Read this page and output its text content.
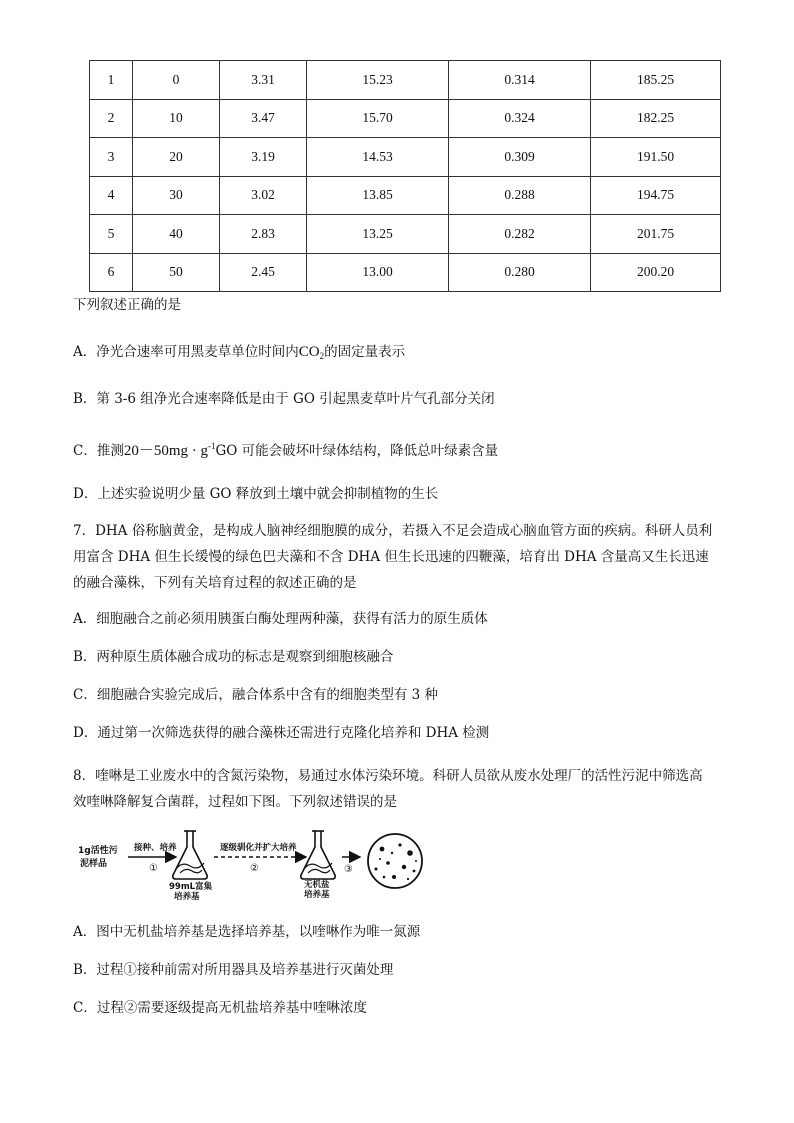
1	0	3.31	15.23	0.314	185.25
2	10	3.47	15.70	0.324	182.25
3	20	3.19	14.53	0.309	191.50
4	30	3.02	13.85	0.288	194.75
5	40	2.83	13.25	0.282	201.75
6	50	2.45	13.00	0.280	200.20
下列叙述正确的是
A．净光合速率可用黑麦草单位时间内$CO_2$的固定量表示
B．第 3-6 组净光合速率降低是由于 GO 引起黑麦草叶片气孔部分关闭
C．推测$20-50mg \cdot g^{-1}GO$ 可能会破坏叶绿体结构，降低总叶绿素含量
D．上述实验说明少量 GO 释放到土壤中就会抑制植物的生长
7．DHA 俗称脑黄金，是构成人脑神经细胞膜的成分，若摄入不足会造成心脑血管方面的疾病。科研人员利
用富含 DHA 但生长缓慢的绿色巴夫藻和不含 DHA 但生长迅速的四鞭藻，培育出 DHA 含量高又生长迅速
的融合藻株，下列有关培育过程的叙述正确的是
A．细胞融合之前必须用胰蛋白酶处理两种藻，获得有活力的原生质体
B．两种原生质体融合成功的标志是观察到细胞核融合
C．细胞融合实验完成后，融合体系中含有的细胞类型有 3 种
D．通过第一次筛选获得的融合藻株还需进行克隆化培养和 DHA 检测
8．喹啉是工业废水中的含氮污染物，易通过水体污染环境。科研人员欲从废水处理厂的活性污泥中筛选高
效喹啉降解复合菌群，过程如下图。下列叙述错误的是
1g活性污
泥样品
接种、培养
①
99mL富集
逐级驯化并扩大培养
②
无机盐
③
培养基	培养基
A．图中无机盐培养基是选择培养基，以喹啉作为唯一氮源
B．过程①接种前需对所用器具及培养基进行灭菌处理
C．过程②需要逐级提高无机盐培养基中喹啉浓度
